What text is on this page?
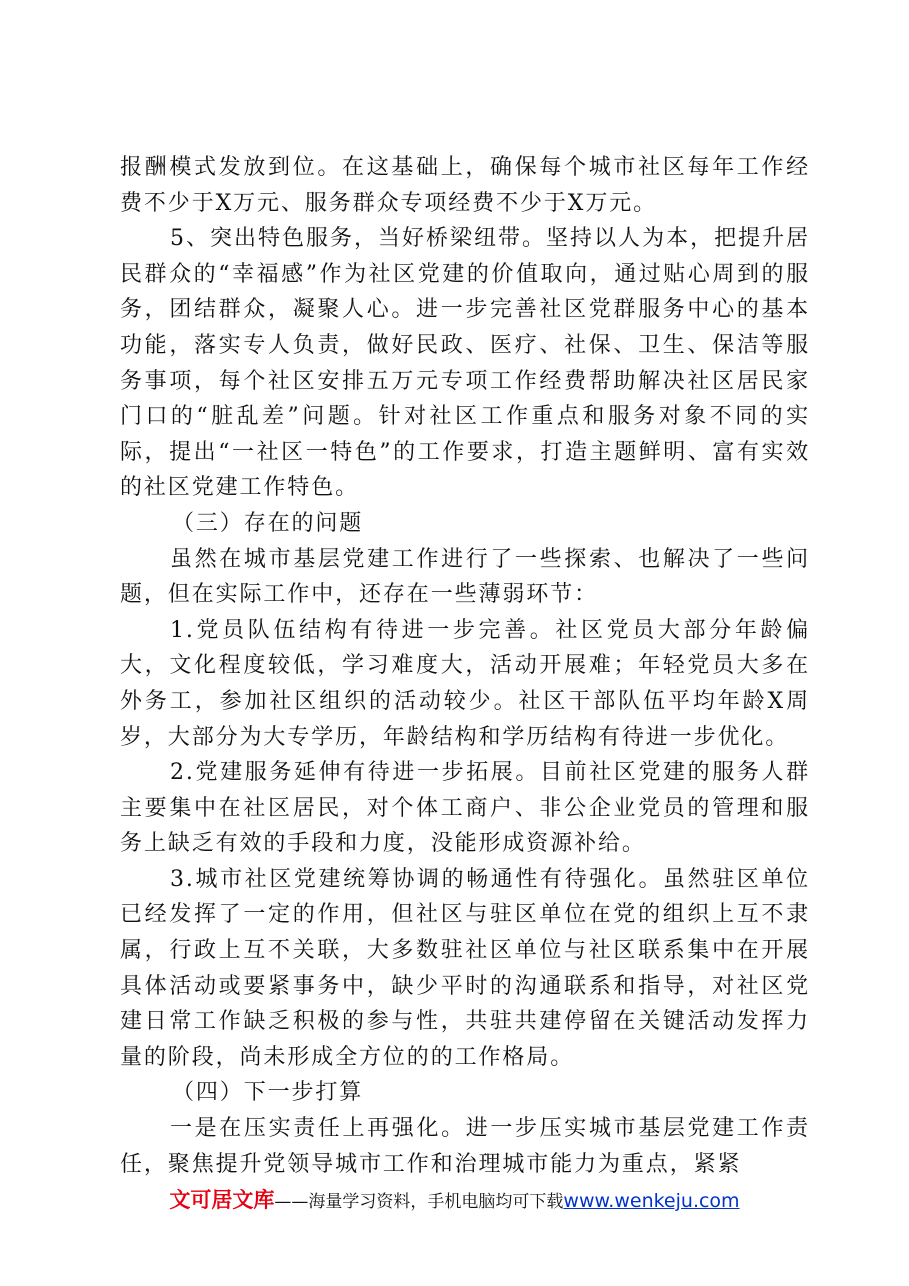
报酬模式发放到位。在这基础上，确保每个城市社区每年工作经费不少于X万元、服务群众专项经费不少于X万元。

5、突出特色服务，当好桥梁纽带。坚持以人为本，把提升居民群众的“幸福感”作为社区党建的价值取向，通过贴心周到的服务，团结群众，凝聚人心。进一步完善社区党群服务中心的基本功能，落实专人负责，做好民政、医疗、社保、卫生、保洁等服务事项，每个社区安排五万元专项工作经费帮助解决社区居民家门口的“脏乱差”问题。针对社区工作重点和服务对象不同的实际，提出“一社区一特色”的工作要求，打造主题鲜明、富有实效的社区党建工作特色。

（三）存在的问题

虽然在城市基层党建工作进行了一些探索、也解决了一些问题，但在实际工作中，还存在一些薄弱环节：

1.党员队伍结构有待进一步完善。社区党员大部分年龄偏大，文化程度较低，学习难度大，活动开展难；年轻党员大多在外务工，参加社区组织的活动较少。社区干部队伍平均年龄X周岁，大部分为大专学历，年龄结构和学历结构有待进一步优化。

2.党建服务延伸有待进一步拓展。目前社区党建的服务人群主要集中在社区居民，对个体工商户、非公企业党员的管理和服务上缺乏有效的手段和力度，没能形成资源补给。

3.城市社区党建统筹协调的畅通性有待强化。虽然驻区单位已经发挥了一定的作用，但社区与驻区单位在党的组织上互不隶属，行政上互不关联，大多数驻社区单位与社区联系集中在开展具体活动或要紧事务中，缺少平时的沟通联系和指导，对社区党建日常工作缺乏积极的参与性，共驻共建停留在关键活动发挥力量的阶段，尚未形成全方位的的工作格局。

（四）下一步打算

一是在压实责任上再强化。进一步压实城市基层党建工作责任，聚焦提升党领导城市工作和治理城市能力为重点，紧紧

文可居文库——海量学习资料，手机电脑均可下载www.wenkeju.com
